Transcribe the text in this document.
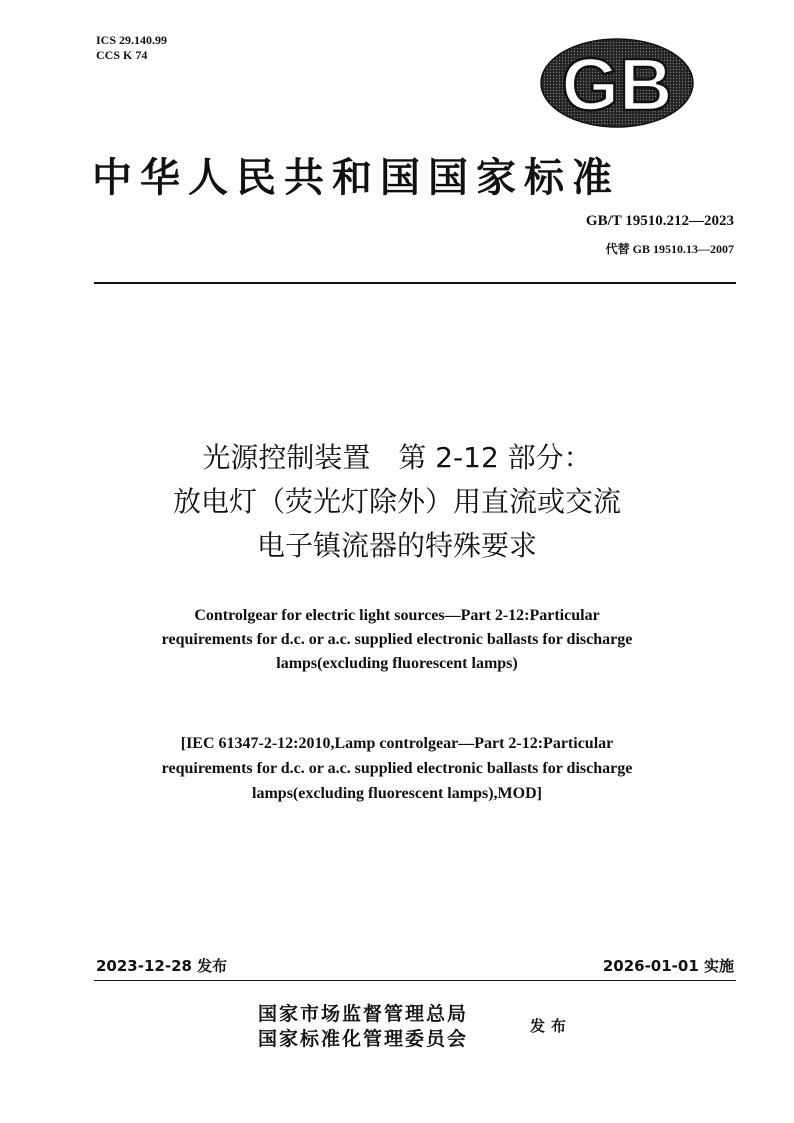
ICS 29.140.99
CCS K 74	GB
中华人民共和国国家标准
GB/T 19510.212—2023
代替 GB 19510.13—2007
光源控制装置　第 2-12 部分：
放电灯（荧光灯除外）用直流或交流
电子镇流器的特殊要求
Controlgear for electric light sources—Part 2-12:Particular
requirements for d.c. or a.c. supplied electronic ballasts for discharge
lamps(excluding fluorescent lamps)
[IEC 61347-2-12:2010,Lamp controlgear—Part 2-12:Particular
requirements for d.c. or a.c. supplied electronic ballasts for discharge
lamps(excluding fluorescent lamps),MOD]
2023-12-28 发布	2026-01-01 实施
国家市场监督管理总局
国家标准化管理委员会
发布
